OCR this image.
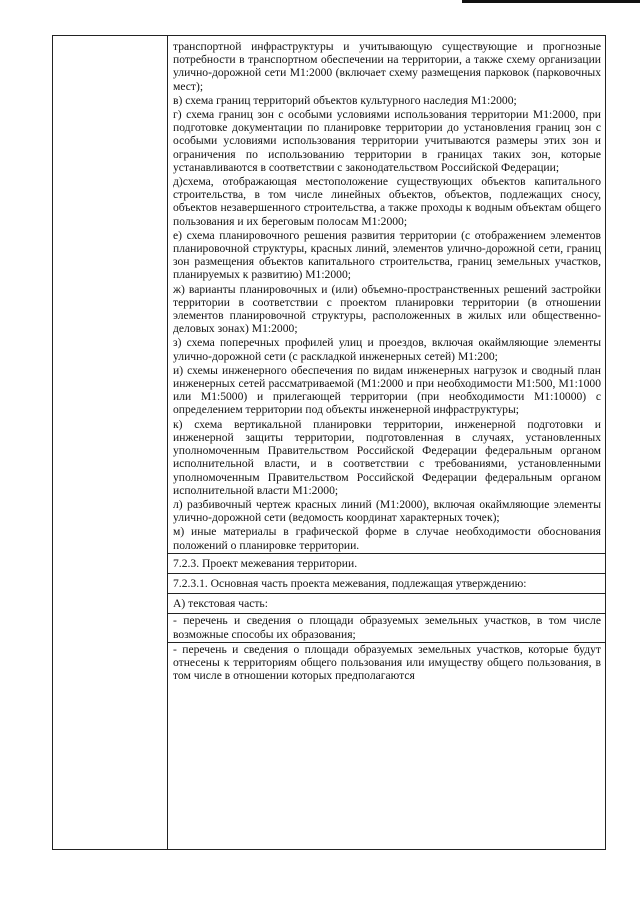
транспортной инфраструктуры и учитывающую существующие и прогнозные потребности в транспортном обеспечении на территории, а также схему организации улично-дорожной сети М1:2000 (включает схему размещения парковок (парковочных мест);

в) схема границ территорий объектов культурного наследия М1:2000;

г) схема границ зон с особыми условиями использования территории М1:2000, при подготовке документации по планировке территории до установления границ зон с особыми условиями использования территории учитываются размеры этих зон и ограничения по использованию территории в границах таких зон, которые устанавливаются в соответствии с законодательством Российской Федерации;

д)схема, отображающая местоположение существующих объектов капитального строительства, в том числе линейных объектов, объектов, подлежащих сносу, объектов незавершенного строительства, а также проходы к водным объектам общего пользования и их береговым полосам М1:2000;

е) схема планировочного решения развития территории (с отображением элементов планировочной структуры, красных линий, элементов улично-дорожной сети, границ зон размещения объектов капитального строительства, границ земельных участков, планируемых к развитию) М1:2000;

ж) варианты планировочных и (или) объемно-пространственных решений застройки территории в соответствии с проектом планировки территории (в отношении элементов планировочной структуры, расположенных в жилых или общественно-деловых зонах) М1:2000;

з) схема поперечных профилей улиц и проездов, включая окаймляющие элементы улично-дорожной сети (с раскладкой инженерных сетей) М1:200;

и) схемы инженерного обеспечения по видам инженерных нагрузок и сводный план инженерных сетей рассматриваемой (М1:2000 и при необходимости М1:500, М1:1000 или М1:5000) и прилегающей территории (при необходимости М1:10000) с определением территории под объекты инженерной инфраструктуры;

к) схема вертикальной планировки территории, инженерной подготовки и инженерной защиты территории, подготовленная в случаях, установленных уполномоченным Правительством Российской Федерации федеральным органом исполнительной власти, и в соответствии с требованиями, установленными уполномоченным Правительством Российской Федерации федеральным органом исполнительной власти М1:2000;

л) разбивочный чертеж красных линий (М1:2000), включая окаймляющие элементы улично-дорожной сети (ведомость координат характерных точек);

м) иные материалы в графической форме в случае необходимости обоснования положений о планировке территории.

7.2.3. Проект межевания территории.

7.2.3.1. Основная часть проекта межевания, подлежащая утверждению:

А) текстовая часть:

- перечень и сведения о площади образуемых земельных участков, в том числе возможные способы их образования;

- перечень и сведения о площади образуемых земельных участков, которые будут отнесены к территориям общего пользования или имуществу общего пользования, в том числе в отношении которых предполагаются
